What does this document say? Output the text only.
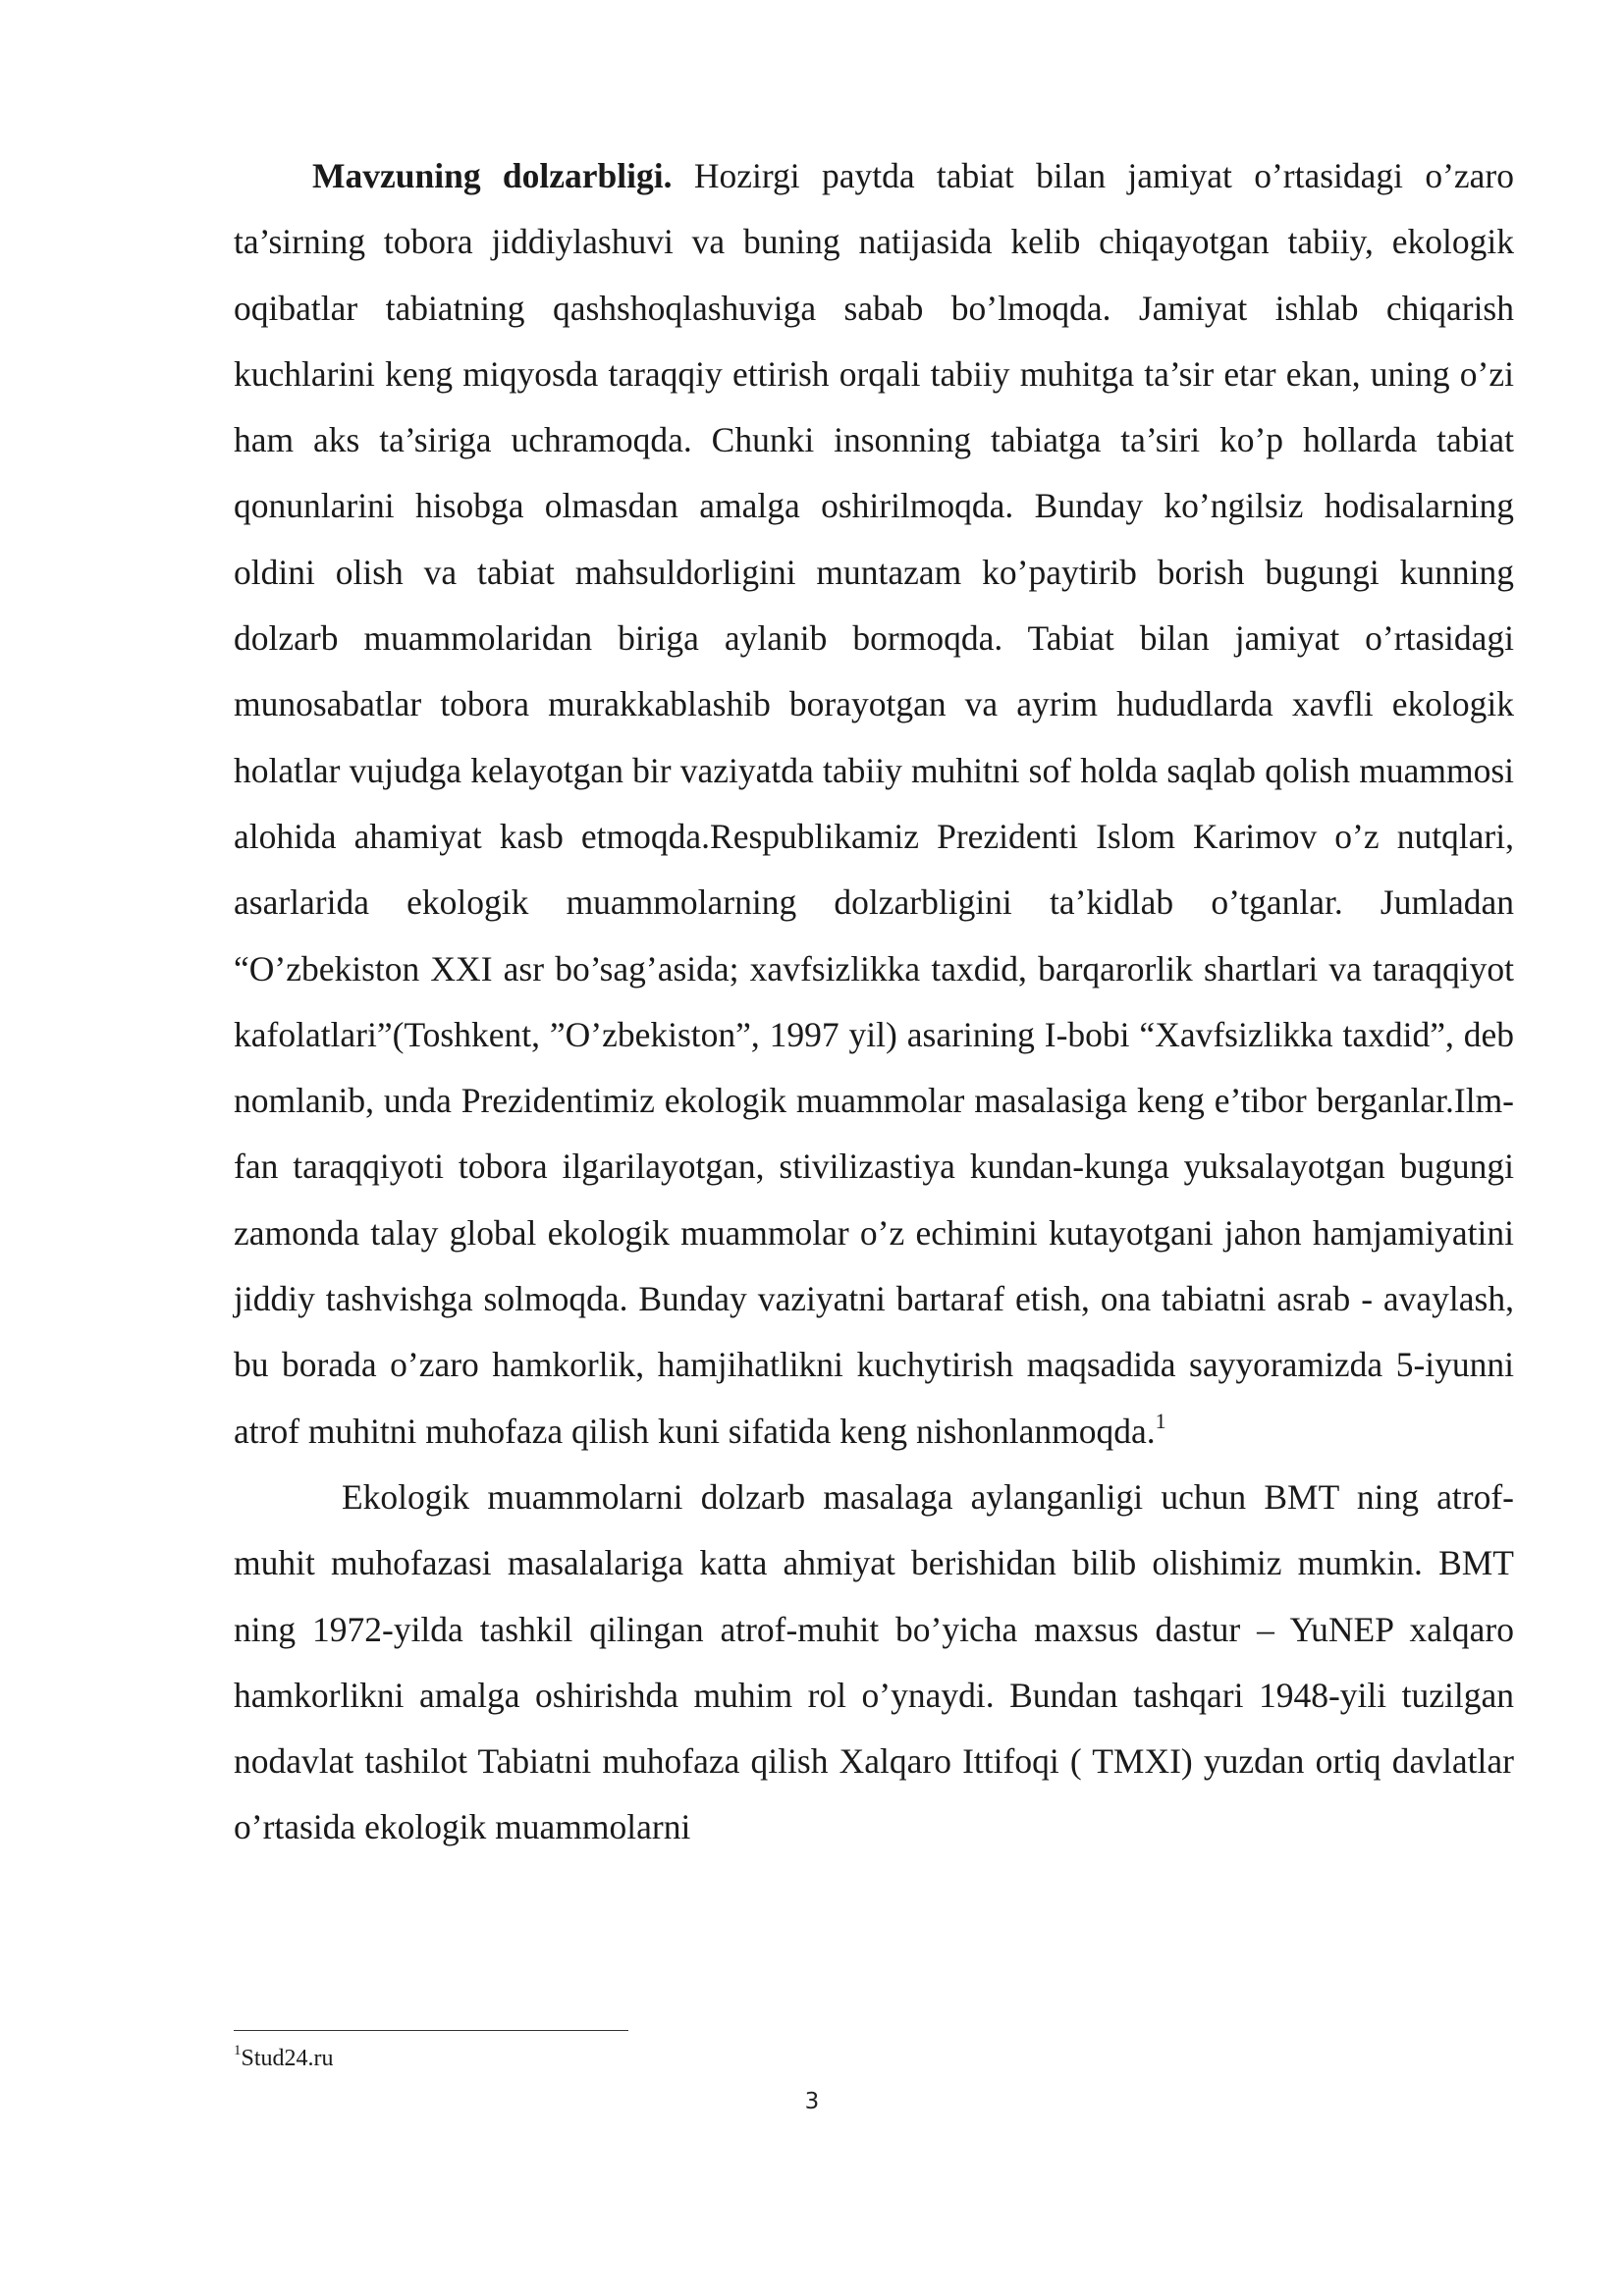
Mavzuning dolzarbligi. Hozirgi paytda tabiat bilan jamiyat o’rtasidagi o’zaro ta’sirning tobora jiddiylashuvi va buning natijasida kelib chiqayotgan tabiiy, ekologik oqibatlar tabiatning qashshoqlashuviga sabab bo’lmoqda. Jamiyat ishlab chiqarish kuchlarini keng miqyosda taraqqiy ettirish orqali tabiiy muhitga ta’sir etar ekan, uning o’zi ham aks ta’siriga uchramoqda. Chunki insonning tabiatga ta’siri ko’p hollarda tabiat qonunlarini hisobga olmasdan amalga oshirilmoqda. Bunday ko’ngilsiz hodisalarning oldini olish va tabiat mahsuldorligini muntazam ko’paytirib borish bugungi kunning dolzarb muammolaridan biriga aylanib bormoqda. Tabiat bilan jamiyat o’rtasidagi munosabatlar tobora murakkablashib borayotgan va ayrim hududlarda xavfli ekologik holatlar vujudga kelayotgan bir vaziyatda tabiiy muhitni sof holda saqlab qolish muammosi alohida ahamiyat kasb etmoqda.Respublikamiz Prezidenti Islom Karimov o’z nutqlari, asarlarida ekologik muammolarning dolzarbligini ta’kidlab o’tganlar. Jumladan “O’zbekiston XXI asr bo’sag’asida; xavfsizlikka taxdid, barqarorlik shartlari va taraqqiyot kafolatlari”(Toshkent, ”O’zbekiston”, 1997 yil) asarining I-bobi “Xavfsizlikka taxdid”, deb nomlanib, unda Prezidentimiz ekologik muammolar masalasiga keng e’tibor berganlar.Ilm-fan taraqqiyoti tobora ilgarilayotgan, stivilizastiya kundan-kunga yuksalayotgan bugungi zamonda talay global ekologik muammolar o’z echimini kutayotgani jahon hamjamiyatini jiddiy tashvishga solmoqda. Bunday vaziyatni bartaraf etish, ona tabiatni asrab - avaylash, bu borada o’zaro hamkorlik, hamjihatlikni kuchytirish maqsadida sayyoramizda 5-iyunni atrof muhitni muhofaza qilish kuni sifatida keng nishonlanmoqda.$^1$

Ekologik muammolarni dolzarb masalaga aylanganligi uchun BMT ning atrof-muhit muhofazasi masalalariga katta ahmiyat berishidan bilib olishimiz mumkin. BMT ning 1972-yilda tashkil qilingan atrof-muhit bo’yicha maxsus dastur – YuNEP xalqaro hamkorlikni amalga oshirishda muhim rol o’ynaydi. Bundan tashqari 1948-yili tuzilgan nodavlat tashilot Tabiatni muhofaza qilish Xalqaro Ittifoqi ( TMXI) yuzdan ortiq davlatlar o’rtasida ekologik muammolarni

$^1$Stud24.ru
3
